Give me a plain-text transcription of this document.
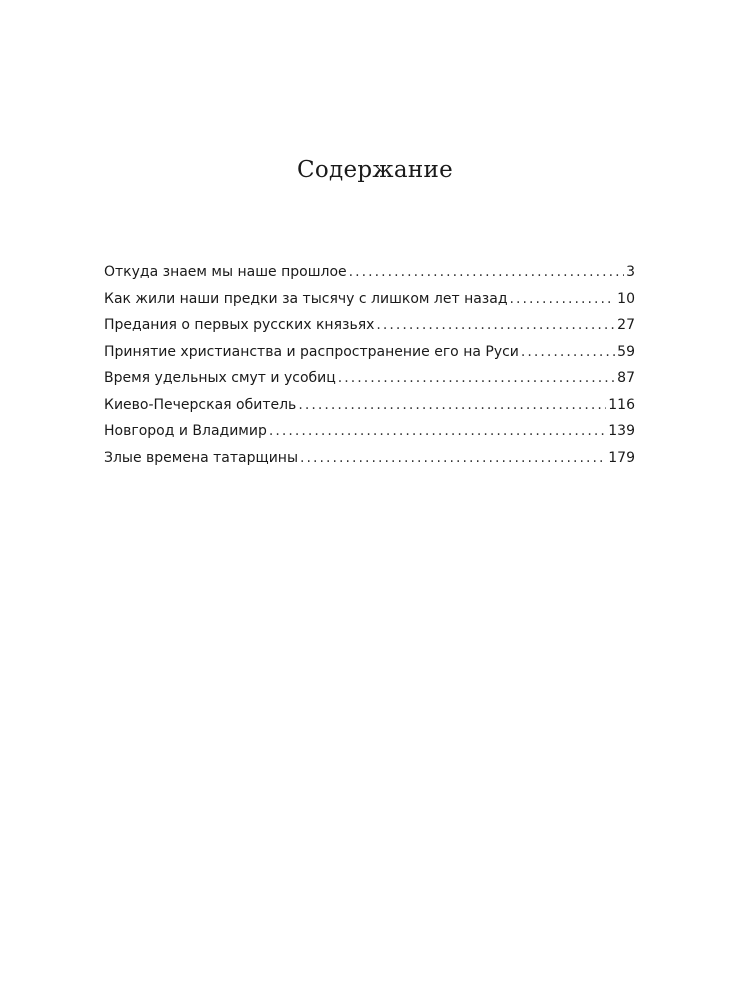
Содержание
Откуда знаем мы наше прошлое . . .	3
Как жили наши предки за тысячу с лишком лет назад . . .	10
Предания о первых русских князьях . . .	27
Принятие христианства и распространение его на Руси . . .	59
Время удельных смут и усобиц . . .	87
Киево-Печерская обитель . . .	116
Новгород и Владимир . . .	139
Злые времена татарщины . . .	179
